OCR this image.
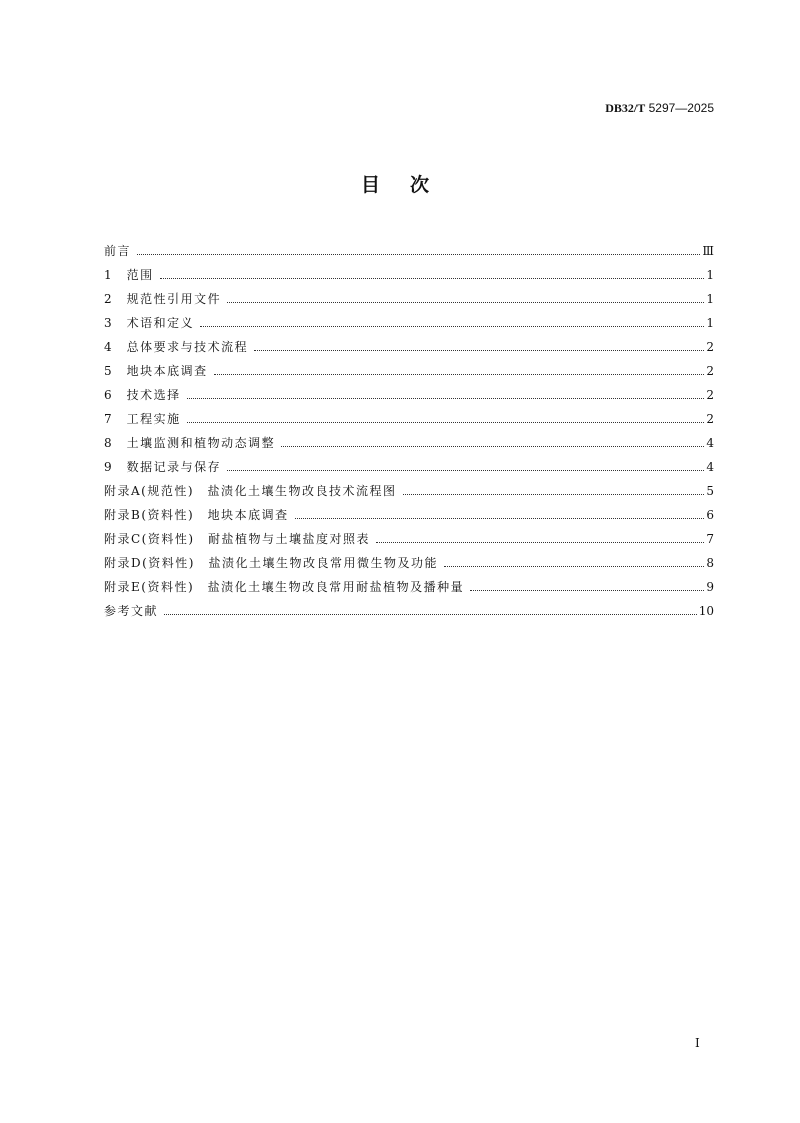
DB32/T 5297—2025
目次
前言	Ⅲ
1　范围	1
2　规范性引用文件	1
3　术语和定义	1
4　总体要求与技术流程	2
5　地块本底调查	2
6　技术选择	2
7　工程实施	2
8　土壤监测和植物动态调整	4
9　数据记录与保存	4
附录A(规范性)　盐渍化土壤生物改良技术流程图	5
附录B(资料性)　地块本底调查	6
附录C(资料性)　耐盐植物与土壤盐度对照表	7
附录D(资料性)　盐渍化土壤生物改良常用微生物及功能	8
附录E(资料性)　盐渍化土壤生物改良常用耐盐植物及播种量	9
参考文献	10
I
